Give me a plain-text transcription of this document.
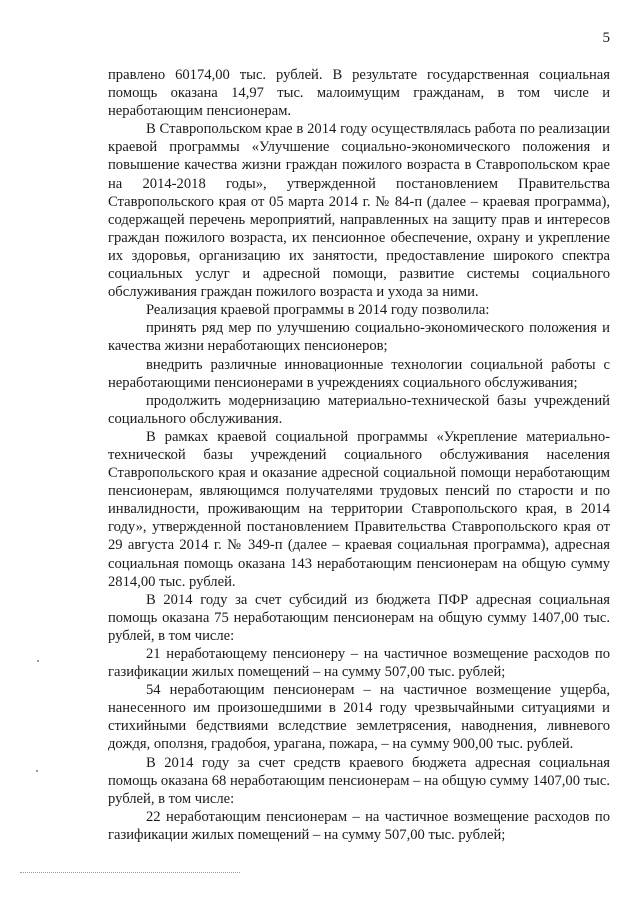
5

правлено 60174,00 тыс. рублей. В результате государственная социальная помощь оказана 14,97 тыс. малоимущим гражданам, в том числе и неработающим пенсионерам.

В Ставропольском крае в 2014 году осуществлялась работа по реализации краевой программы «Улучшение социально-экономического положения и повышение качества жизни граждан пожилого возраста в Ставропольском крае на 2014-2018 годы», утвержденной постановлением Правительства Ставропольского края от 05 марта 2014 г. № 84-п (далее – краевая программа), содержащей перечень мероприятий, направленных на защиту прав и интересов граждан пожилого возраста, их пенсионное обеспечение, охрану и укрепление их здоровья, организацию их занятости, предоставление широкого спектра социальных услуг и адресной помощи, развитие системы социального обслуживания граждан пожилого возраста и ухода за ними.

Реализация краевой программы в 2014 году позволила:

принять ряд мер по улучшению социально-экономического положения и качества жизни неработающих пенсионеров;

внедрить различные инновационные технологии социальной работы с неработающими пенсионерами в учреждениях социального обслуживания;

продолжить модернизацию материально-технической базы учреждений социального обслуживания.

В рамках краевой социальной программы «Укрепление материально-технической базы учреждений социального обслуживания населения Ставропольского края и оказание адресной социальной помощи неработающим пенсионерам, являющимся получателями трудовых пенсий по старости и по инвалидности, проживающим на территории Ставропольского края, в 2014 году», утвержденной постановлением Правительства Ставропольского края от 29 августа 2014 г. № 349-п (далее – краевая социальная программа), адресная социальная помощь оказана 143 неработающим пенсионерам на общую сумму 2814,00 тыс. рублей.

В 2014 году за счет субсидий из бюджета ПФР адресная социальная помощь оказана 75 неработающим пенсионерам на общую сумму 1407,00 тыс. рублей, в том числе:

21 неработающему пенсионеру – на частичное возмещение расходов по газификации жилых помещений – на сумму 507,00 тыс. рублей;

54 неработающим пенсионерам – на частичное возмещение ущерба, нанесенного им произошедшими в 2014 году чрезвычайными ситуациями и стихийными бедствиями вследствие землетрясения, наводнения, ливневого дождя, оползня, градобоя, урагана, пожара, – на сумму 900,00 тыс. рублей.

В 2014 году за счет средств краевого бюджета адресная социальная помощь оказана 68 неработающим пенсионерам – на общую сумму 1407,00 тыс. рублей, в том числе:

22 неработающим пенсионерам – на частичное возмещение расходов по газификации жилых помещений – на сумму 507,00 тыс. рублей;
